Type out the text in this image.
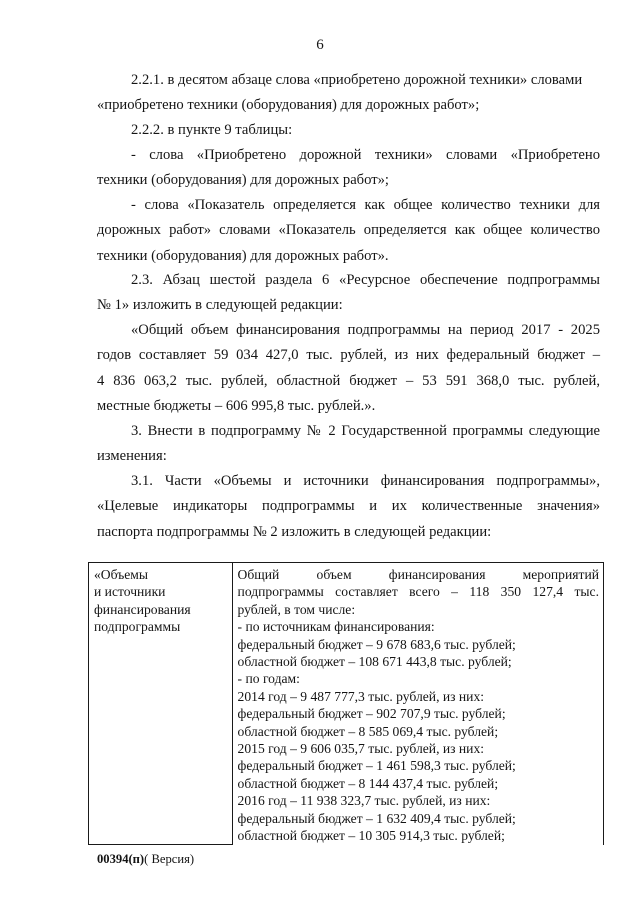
6
2.2.1. в десятом абзаце слова «приобретено дорожной техники» словами
«приобретено техники (оборудования) для дорожных работ»;
2.2.2. в пункте 9 таблицы:
- слова «Приобретено дорожной техники» словами «Приобретено
техники (оборудования) для дорожных работ»;
- слова «Показатель определяется как общее количество техники для
дорожных работ» словами «Показатель определяется как общее количество
техники (оборудования) для дорожных работ».
2.3. Абзац шестой раздела 6 «Ресурсное обеспечение подпрограммы
№ 1» изложить в следующей редакции:
«Общий объем финансирования подпрограммы на период 2017 - 2025
годов составляет 59 034 427,0 тыс. рублей, из них федеральный бюджет –
4 836 063,2 тыс. рублей, областной бюджет – 53 591 368,0 тыс. рублей,
местные бюджеты – 606 995,8 тыс. рублей.».
3. Внести в подпрограмму № 2 Государственной программы следующие
изменения:
3.1. Части «Объемы и источники финансирования подпрограммы»,
«Целевые индикаторы подпрограммы и их количественные значения»
паспорта подпрограммы № 2 изложить в следующей редакции:
«Объемы
и источники
финансирования
подпрограммы

Общий объем финансирования мероприятий
подпрограммы составляет всего – 118 350 127,4 тыс.
рублей, в том числе:
- по источникам финансирования:
федеральный бюджет – 9 678 683,6 тыс. рублей;
областной бюджет – 108 671 443,8 тыс. рублей;
- по годам:
2014 год – 9 487 777,3 тыс. рублей, из них:
федеральный бюджет – 902 707,9 тыс. рублей;
областной бюджет – 8 585 069,4 тыс. рублей;
2015 год – 9 606 035,7 тыс. рублей, из них:
федеральный бюджет – 1 461 598,3 тыс. рублей;
областной бюджет – 8 144 437,4 тыс. рублей;
2016 год – 11 938 323,7 тыс. рублей, из них:
федеральный бюджет – 1 632 409,4 тыс. рублей;
областной бюджет – 10 305 914,3 тыс. рублей;
00394(п)( Версия)
